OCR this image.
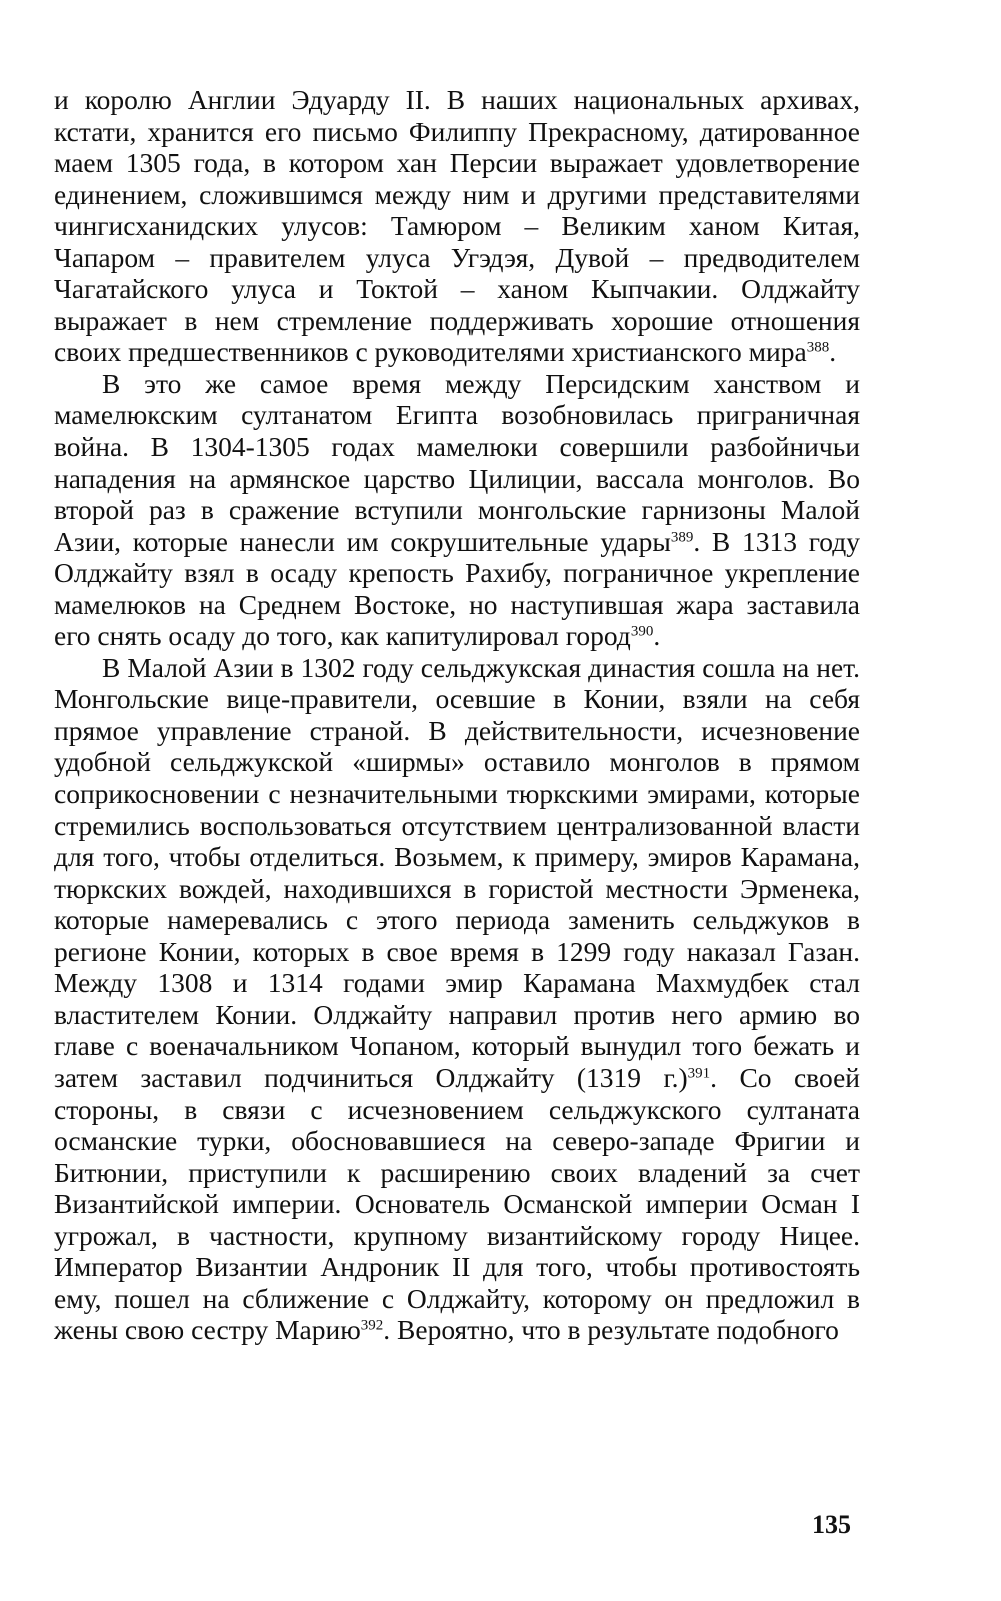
и королю Англии Эдуарду II. В наших национальных архивах, кстати, хранится его письмо Филиппу Прекрасному, датированное маем 1305 года, в котором хан Персии выражает удовлетворение единением, сложившимся между ним и другими представителями чингисханидских улусов: Тамюром – Великим ханом Китая, Чапаром – правителем улуса Угэдэя, Дувой – предводителем Чагатайского улуса и Токтой – ханом Кыпчакии. Олджайту выражает в нем стремление поддерживать хорошие отношения своих предшественников с руководителями христианского мира$^{388}$.

В это же самое время между Персидским ханством и мамелюкским султанатом Египта возобновилась приграничная война. В 1304-1305 годах мамелюки совершили разбойничьи нападения на армянское царство Цилиции, вассала монголов. Во второй раз в сражение вступили монгольские гарнизоны Малой Азии, которые нанесли им сокрушительные удары$^{389}$. В 1313 году Олджайту взял в осаду крепость Рахибу, пограничное укрепление мамелюков на Среднем Востоке, но наступившая жара заставила его снять осаду до того, как капитулировал город$^{390}$.

В Малой Азии в 1302 году сельджукская династия сошла на нет. Монгольские вице-правители, осевшие в Конии, взяли на себя прямое управление страной. В действительности, исчезновение удобной сельджукской «ширмы» оставило монголов в прямом соприкосновении с незначительными тюркскими эмирами, которые стремились воспользоваться отсутствием централизованной власти для того, чтобы отделиться. Возьмем, к примеру, эмиров Карамана, тюркских вождей, находившихся в гористой местности Эрменека, которые намеревались с этого периода заменить сельджуков в регионе Конии, которых в свое время в 1299 году наказал Газан. Между 1308 и 1314 годами эмир Карамана Махмудбек стал властителем Конии. Олджайту направил против него армию во главе с военачальником Чопаном, который вынудил того бежать и затем заставил подчиниться Олджайту (1319 г.)$^{391}$. Со своей стороны, в связи с исчезновением сельджукского султаната османские турки, обосновавшиеся на северо-западе Фригии и Битюнии, приступили к расширению своих владений за счет Византийской империи. Основатель Османской империи Осман I угрожал, в частности, крупному византийскому городу Ницее. Император Византии Андроник II для того, чтобы противостоять ему, пошел на сближение с Олджайту, которому он предложил в жены свою сестру Марию$^{392}$. Вероятно, что в результате подобного

135
